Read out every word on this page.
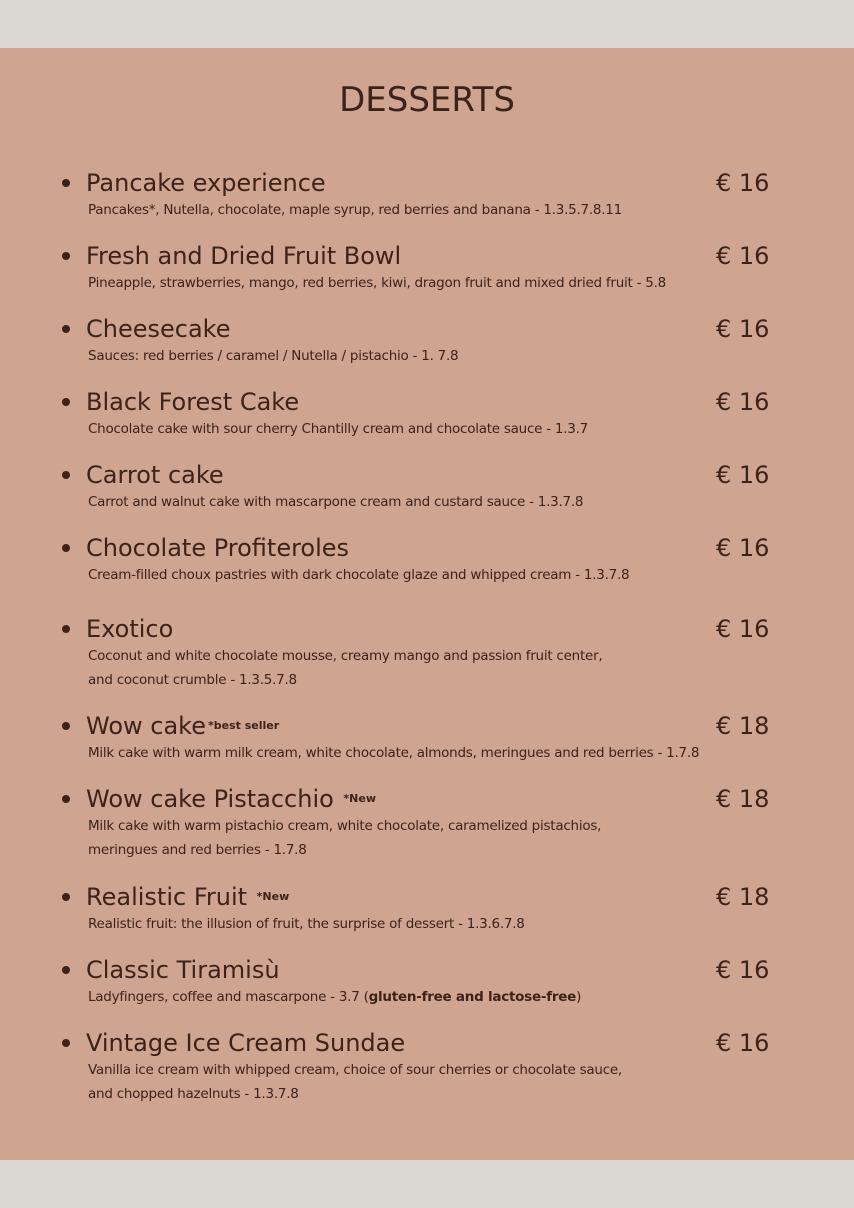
DESSERTS
Pancake experience	€ 16
Pancakes*, Nutella, chocolate, maple syrup, red berries and banana - 1.3.5.7.8.11
Fresh and Dried Fruit Bowl	€ 16
Pineapple, strawberries, mango, red berries, kiwi, dragon fruit and mixed dried fruit - 5.8
Cheesecake	€ 16
Sauces: red berries / caramel / Nutella / pistachio - 1. 7.8
Black Forest Cake	€ 16
Chocolate cake with sour cherry Chantilly cream and chocolate sauce - 1.3.7
Carrot cake	€ 16
Carrot and walnut cake with mascarpone cream and custard sauce - 1.3.7.8
Chocolate Profiteroles	€ 16
Cream-filled choux pastries with dark chocolate glaze and whipped cream - 1.3.7.8
Exotico	€ 16
Coconut and white chocolate mousse, creamy mango and passion fruit center,
and coconut crumble - 1.3.5.7.8
Wow cake $^{*best seller}$	€ 18
Milk cake with warm milk cream, white chocolate, almonds, meringues and red berries - 1.7.8
Wow cake Pistacchio $^{*New}$	€ 18
Milk cake with warm pistachio cream, white chocolate, caramelized pistachios,
meringues and red berries - 1.7.8
Realistic Fruit $^{*New}$	€ 18
Realistic fruit: the illusion of fruit, the surprise of dessert - 1.3.6.7.8
Classic Tiramisù	€ 16
Ladyfingers, coffee and mascarpone - 3.7 (gluten-free and lactose-free)
Vintage Ice Cream Sundae	€ 16
Vanilla ice cream with whipped cream, choice of sour cherries or chocolate sauce,
and chopped hazelnuts - 1.3.7.8
